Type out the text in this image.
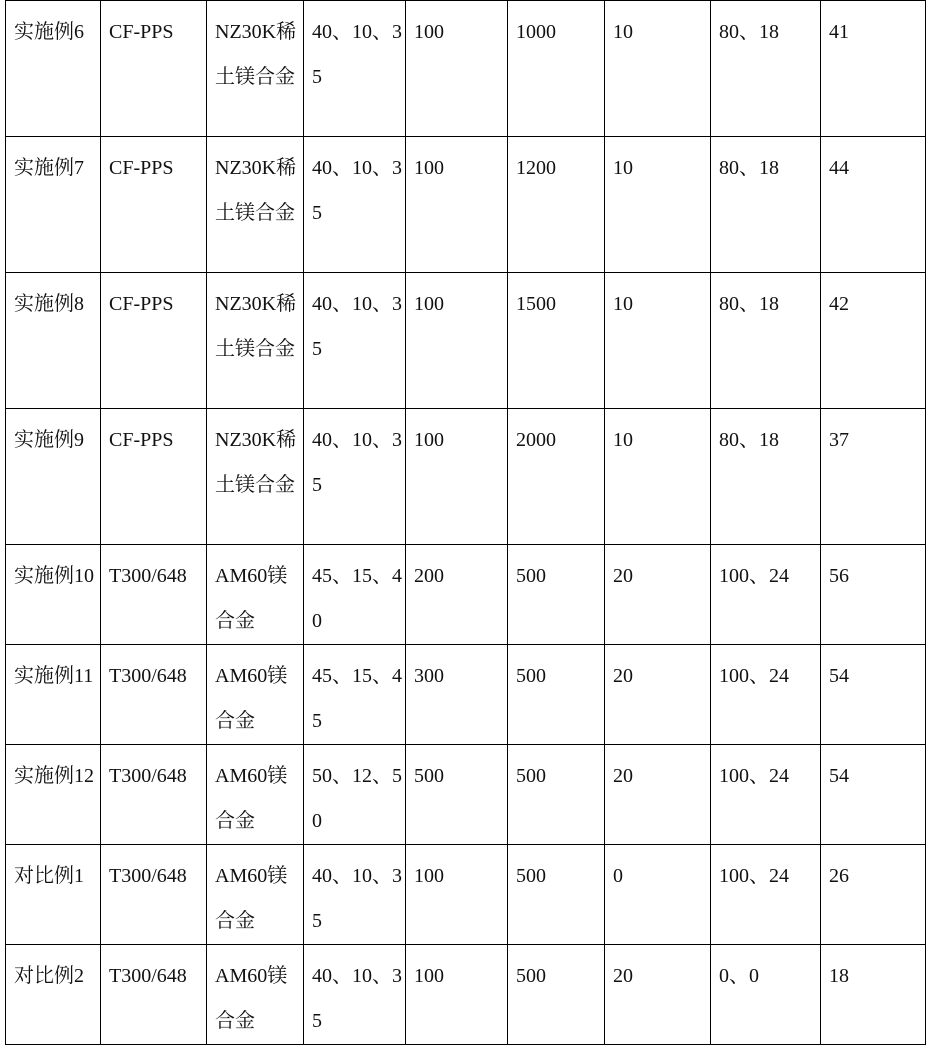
实施例6	CF-PPS	NZ30K稀土镁合金	40、10、35	100	1000	10	80、18	41
实施例7	CF-PPS	NZ30K稀土镁合金	40、10、35	100	1200	10	80、18	44
实施例8	CF-PPS	NZ30K稀土镁合金	40、10、35	100	1500	10	80、18	42
实施例9	CF-PPS	NZ30K稀土镁合金	40、10、35	100	2000	10	80、18	37
实施例10	T300/648	AM60镁合金	45、15、40	200	500	20	100、24	56
实施例11	T300/648	AM60镁合金	45、15、45	300	500	20	100、24	54
实施例12	T300/648	AM60镁合金	50、12、50	500	500	20	100、24	54
对比例1	T300/648	AM60镁合金	40、10、35	100	500	0	100、24	26
对比例2	T300/648	AM60镁合金	40、10、35	100	500	20	0、0	18
